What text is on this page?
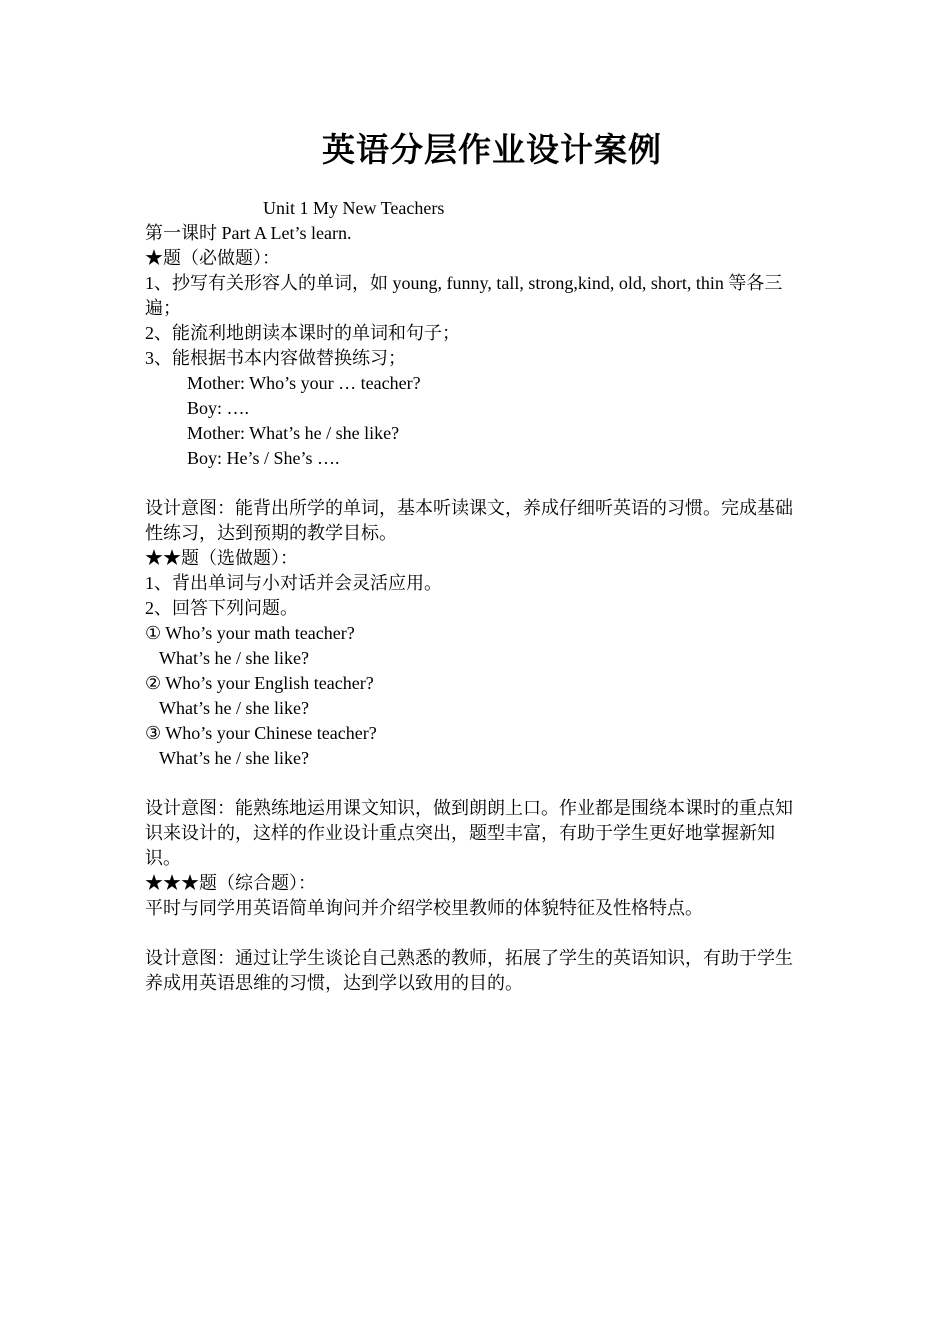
英语分层作业设计案例
Unit 1 My New Teachers
第一课时 Part A Let’s learn.
★题（必做题）：
1、抄写有关形容人的单词，如 young, funny, tall, strong,kind, old, short, thin 等各三遍；
2、能流利地朗读本课时的单词和句子；
3、能根据书本内容做替换练习；
Mother: Who’s your … teacher?
Boy: ….
Mother: What’s he / she like?
Boy: He’s / She’s ….
设计意图：能背出所学的单词，基本听读课文，养成仔细听英语的习惯。完成基础性练习，达到预期的教学目标。
★★题（选做题）：
1、背出单词与小对话并会灵活应用。
2、回答下列问题。
① Who’s your math teacher?
What’s he / she like?
② Who’s your English teacher?
What’s he / she like?
③ Who’s your Chinese teacher?
What’s he / she like?
设计意图：能熟练地运用课文知识，做到朗朗上口。作业都是围绕本课时的重点知识来设计的，这样的作业设计重点突出，题型丰富，有助于学生更好地掌握新知识。
★★★题（综合题）：
平时与同学用英语简单询问并介绍学校里教师的体貌特征及性格特点。
设计意图：通过让学生谈论自己熟悉的教师，拓展了学生的英语知识，有助于学生养成用英语思维的习惯，达到学以致用的目的。
